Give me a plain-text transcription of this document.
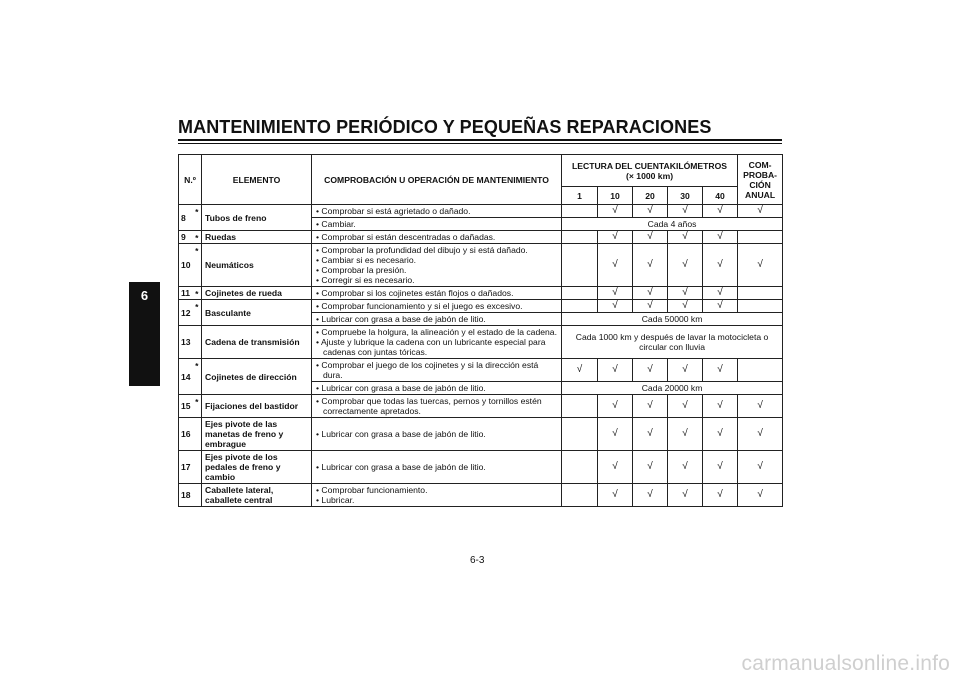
MANTENIMIENTO PERIÓDICO Y PEQUEÑAS REPARACIONES
6
N.º		ELEMENTO	COMPROBACIÓN U OPERACIÓN DE MANTENIMIENTO	LECTURA DEL CUENTAKILÓMETROS
(× 1000 km)					COM- PROBA- CIÓN ANUAL
				1	10	20	30	40	
8	*	Tubos de freno	• Comprobar si está agrietado o dañado.		√	√	√	√	√

			• Cambiar.	Cada 4 años					
9	*	Ruedas	• Comprobar si están descentradas o dañadas.		√	√	√	√	
10	*	Neumáticos	• Comprobar la profundidad del dibujo y si está dañado.
• Cambiar si es necesario.
• Comprobar la presión.
• Corregir si es necesario.		√	√	√	√	√
11	*	Cojinetes de rueda	• Comprobar si los cojinetes están flojos o dañados.		√	√	√	√	
12	*	Basculante	• Comprobar funcionamiento y si el juego es excesivo.		√	√	√	√	

			• Lubricar con grasa a base de jabón de litio.	Cada 50000 km					
13		Cadena de transmisión	• Compruebe la holgura, la alineación y el estado de la cadena.
• Ajuste y lubrique la cadena con un lubricante especial para cadenas con juntas tóricas.	Cada 1000 km y después de lavar la motocicleta o circular con lluvia					
14	*	Cojinetes de dirección	• Comprobar el juego de los cojinetes y si la dirección está dura.	√	√	√	√	√	

			• Lubricar con grasa a base de jabón de litio.	Cada 20000 km					
15	*	Fijaciones del bastidor	• Comprobar que todas las tuercas, pernos y tornillos estén correctamente apretados.		√	√	√	√	√
16		Ejes pivote de las manetas de freno y embrague	• Lubricar con grasa a base de jabón de litio.		√	√	√	√	√
17		Ejes pivote de los pedales de freno y cambio	• Lubricar con grasa a base de jabón de litio.		√	√	√	√	√
18		Caballete lateral, caballete central	• Comprobar funcionamiento.
• Lubricar.		√	√	√	√	√
6-3
carmanualsonline.info
